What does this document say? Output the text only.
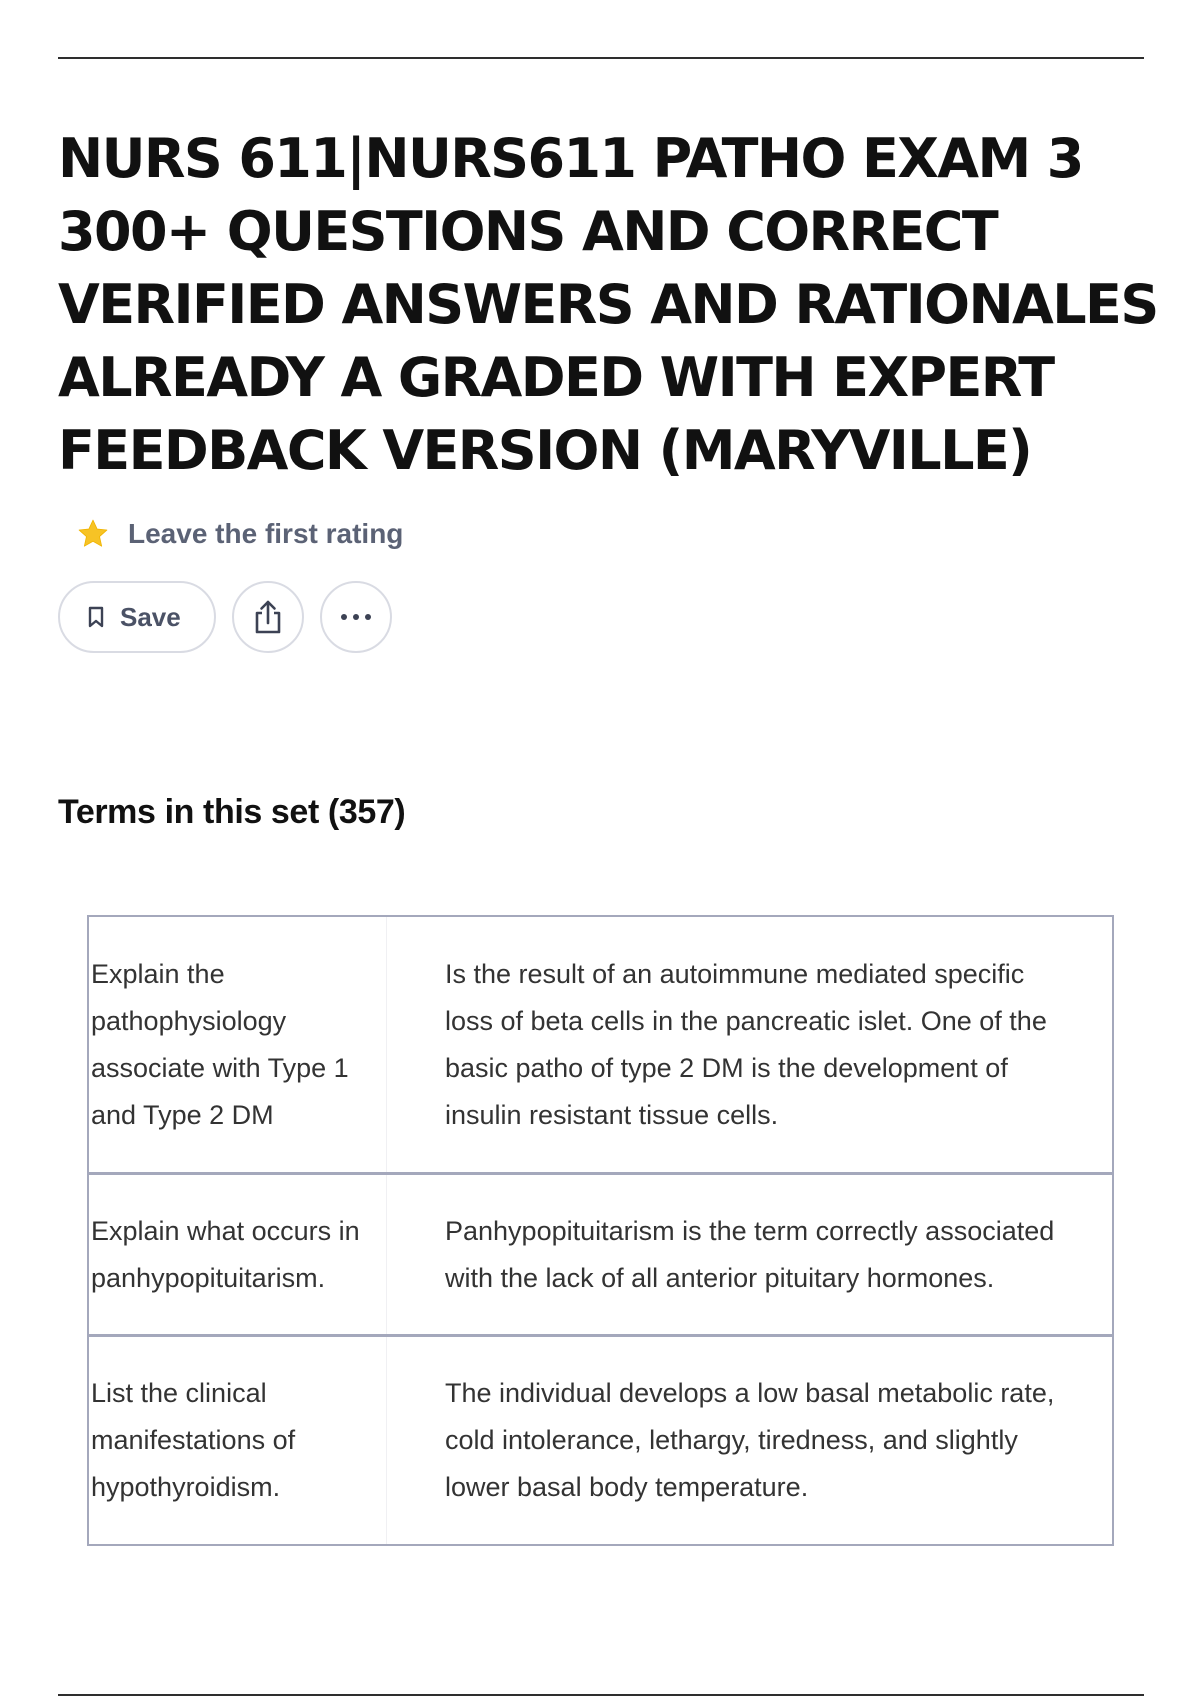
NURS 611|NURS611 PATHO EXAM 3 300+ QUESTIONS AND CORRECT VERIFIED ANSWERS AND RATIONALES ALREADY A GRADED WITH EXPERT FEEDBACK VERSION (MARYVILLE)
Leave the first rating
Save
Terms in this set (357)
Explain the pathophysiology associate with Type 1 and Type 2 DM
Is the result of an autoimmune mediated specific loss of beta cells in the pancreatic islet. One of the basic patho of type 2 DM is the development of insulin resistant tissue cells.
Explain what occurs in panhypopituitarism.
Panhypopituitarism is the term correctly associated with the lack of all anterior pituitary hormones.
List the clinical manifestations of hypothyroidism.
The individual develops a low basal metabolic rate, cold intolerance, lethargy, tiredness, and slightly lower basal body temperature.
